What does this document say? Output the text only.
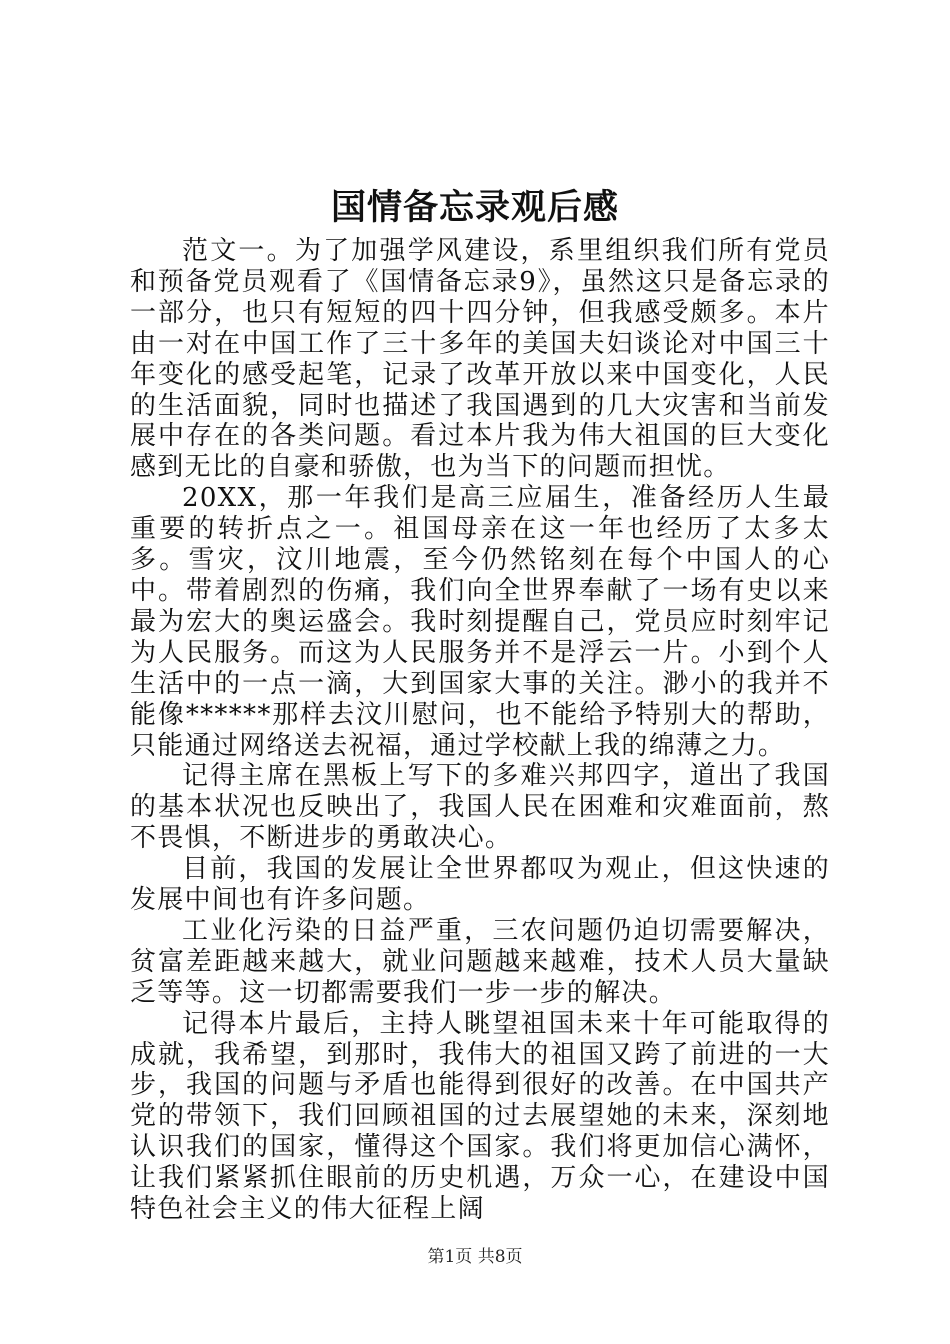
国情备忘录观后感

范文一。为了加强学风建设，系里组织我们所有党员和预备党员观看了《国情备忘录9》，虽然这只是备忘录的一部分，也只有短短的四十四分钟，但我感受颇多。本片由一对在中国工作了三十多年的美国夫妇谈论对中国三十年变化的感受起笔，记录了改革开放以来中国变化，人民的生活面貌，同时也描述了我国遇到的几大灾害和当前发展中存在的各类问题。看过本片我为伟大祖国的巨大变化感到无比的自豪和骄傲，也为当下的问题而担忧。

20XX，那一年我们是高三应届生，准备经历人生最重要的转折点之一。祖国母亲在这一年也经历了太多太多。雪灾，汶川地震，至今仍然铭刻在每个中国人的心中。带着剧烈的伤痛，我们向全世界奉献了一场有史以来最为宏大的奥运盛会。我时刻提醒自己，党员应时刻牢记为人民服务。而这为人民服务并不是浮云一片。小到个人生活中的一点一滴，大到国家大事的关注。渺小的我并不能像******那样去汶川慰问，也不能给予特别大的帮助，只能通过网络送去祝福，通过学校献上我的绵薄之力。

记得主席在黑板上写下的多难兴邦四字，道出了我国的基本状况也反映出了，我国人民在困难和灾难面前，熬不畏惧，不断进步的勇敢决心。

目前，我国的发展让全世界都叹为观止，但这快速的发展中间也有许多问题。

工业化污染的日益严重，三农问题仍迫切需要解决，贫富差距越来越大，就业问题越来越难，技术人员大量缺乏等等。这一切都需要我们一步一步的解决。

记得本片最后，主持人眺望祖国未来十年可能取得的成就，我希望，到那时，我伟大的祖国又跨了前进的一大步，我国的问题与矛盾也能得到很好的改善。在中国共产党的带领下，我们回顾祖国的过去展望她的未来，深刻地认识我们的国家，懂得这个国家。我们将更加信心满怀，让我们紧紧抓住眼前的历史机遇，万众一心，在建设中国特色社会主义的伟大征程上阔

第1页 共8页
